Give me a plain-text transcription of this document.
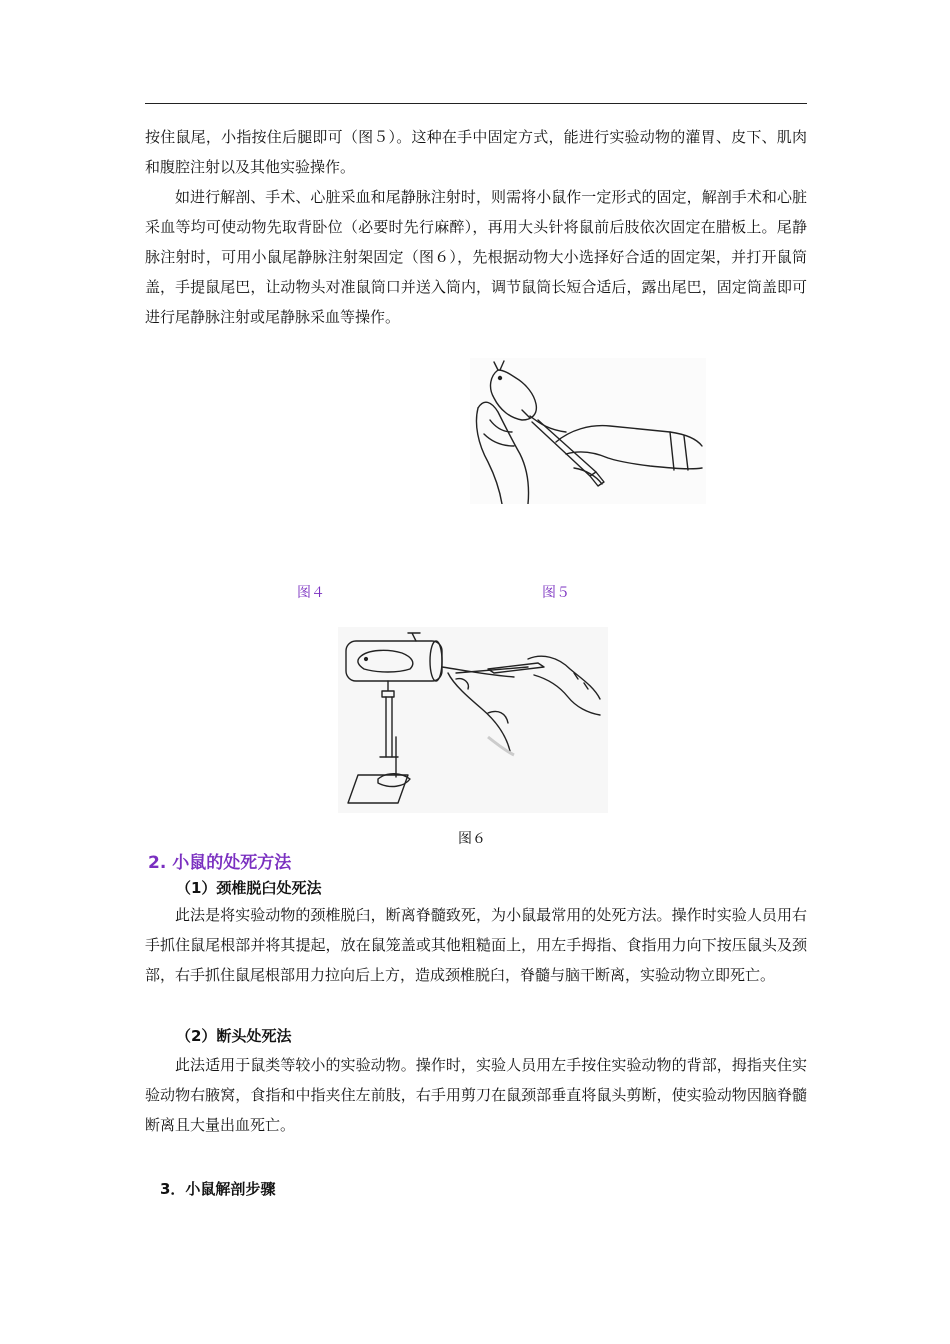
按住鼠尾，小指按住后腿即可（图５）。这种在手中固定方式，能进行实验动物的灌胃、皮下、肌肉和腹腔注射以及其他实验操作。

如进行解剖、手术、心脏采血和尾静脉注射时，则需将小鼠作一定形式的固定，解剖手术和心脏采血等均可使动物先取背卧位（必要时先行麻醉），再用大头针将鼠前后肢依次固定在腊板上。尾静脉注射时，可用小鼠尾静脉注射架固定（图６），先根据动物大小选择好合适的固定架，并打开鼠筒盖，手提鼠尾巴，让动物头对准鼠筒口并送入筒内，调节鼠筒长短合适后，露出尾巴，固定筒盖即可进行尾静脉注射或尾静脉采血等操作。

图４	图５
图６
2. 小鼠的处死方法
（1）颈椎脱臼处死法

此法是将实验动物的颈椎脱臼，断离脊髓致死，为小鼠最常用的处死方法。操作时实验人员用右手抓住鼠尾根部并将其提起，放在鼠笼盖或其他粗糙面上，用左手拇指、食指用力向下按压鼠头及颈部，右手抓住鼠尾根部用力拉向后上方，造成颈椎脱臼，脊髓与脑干断离，实验动物立即死亡。

（2）断头处死法

此法适用于鼠类等较小的实验动物。操作时，实验人员用左手按住实验动物的背部，拇指夹住实验动物右腋窝，食指和中指夹住左前肢，右手用剪刀在鼠颈部垂直将鼠头剪断，使实验动物因脑脊髓断离且大量出血死亡。

3．小鼠解剖步骤
